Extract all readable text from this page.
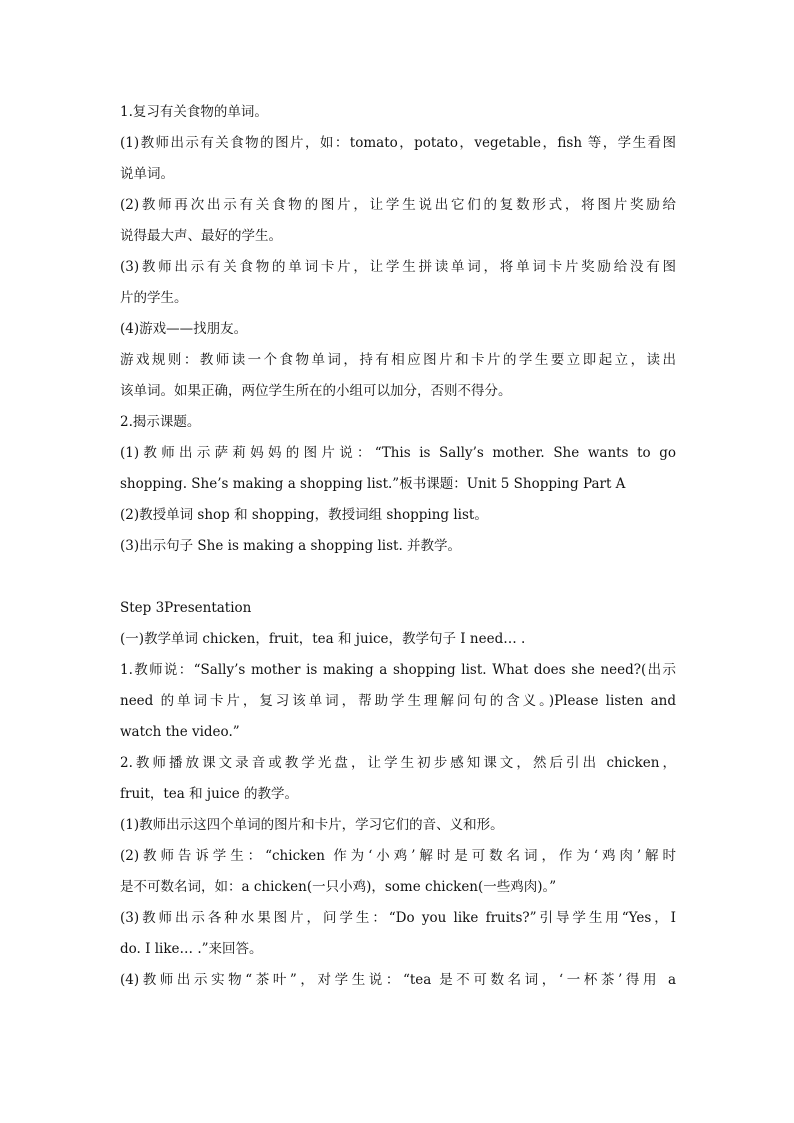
1.复习有关食物的单词。
(1)教师出示有关食物的图片，如：tomato，potato，vegetable，fish 等，学生看图
说单词。
(2)教师再次出示有关食物的图片，让学生说出它们的复数形式，将图片奖励给
说得最大声、最好的学生。
(3)教师出示有关食物的单词卡片，让学生拼读单词，将单词卡片奖励给没有图
片的学生。
(4)游戏——找朋友。
游戏规则：教师读一个食物单词，持有相应图片和卡片的学生要立即起立，读出
该单词。如果正确，两位学生所在的小组可以加分，否则不得分。
2.揭示课题。
(1)教师出示萨莉妈妈的图片说：“This is Sally’s mother. She wants to go
shopping. She’s making a shopping list.”板书课题：Unit 5 Shopping Part A
(2)教授单词 shop 和 shopping，教授词组 shopping list。
(3)出示句子 She is making a shopping list. 并教学。
Step 3Presentation
(一)教学单词 chicken，fruit，tea 和 juice，教学句子 I need… .
1.教师说：“Sally’s mother is making a shopping list. What does she need?(出示
need 的单词卡片，复习该单词，帮助学生理解问句的含义。)Please listen and
watch the video.”
2.教师播放课文录音或教学光盘，让学生初步感知课文，然后引出 chicken，
fruit，tea 和 juice 的教学。
(1)教师出示这四个单词的图片和卡片，学习它们的音、义和形。
(2)教师告诉学生：“chicken 作为‘小鸡’解时是可数名词，作为‘鸡肉’解时
是不可数名词，如：a chicken(一只小鸡)，some chicken(一些鸡肉)。”
(3)教师出示各种水果图片，问学生：“Do you like fruits?”引导学生用“Yes，I
do. I like… .”来回答。
(4)教师出示实物“茶叶”，对学生说：“tea 是不可数名词，‘一杯茶’得用 a
